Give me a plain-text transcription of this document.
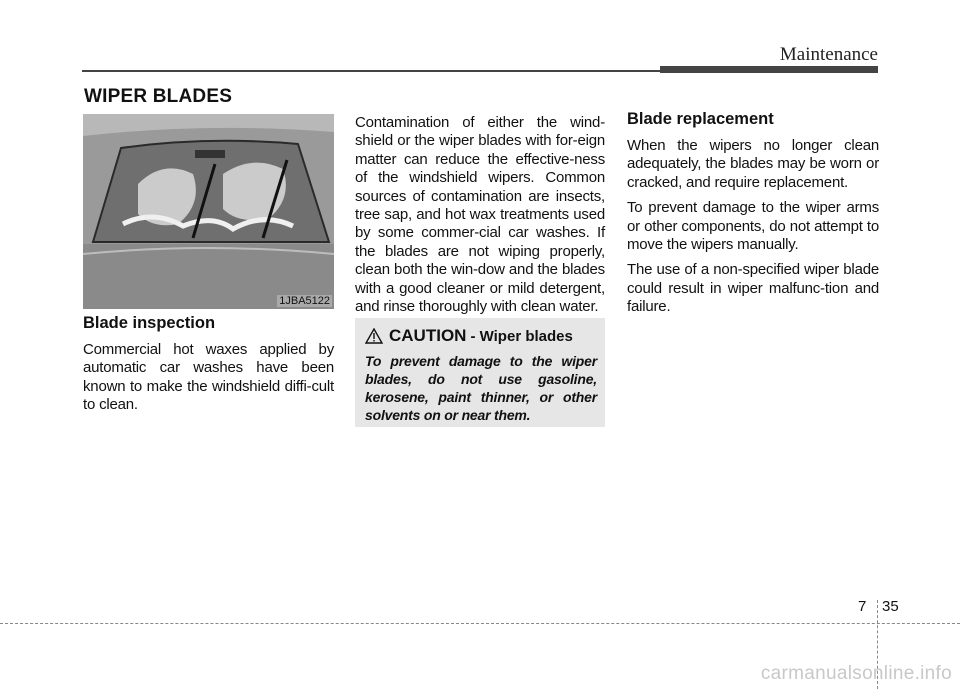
Maintenance
WIPER BLADES
1JBA5122
Blade inspection

Commercial hot waxes applied by automatic car washes have been known to make the windshield diffi-cult to clean.

Contamination of either the wind-shield or the wiper blades with for-eign matter can reduce the effective-ness of the windshield wipers. Common sources of contamination are insects, tree sap, and hot wax treatments used by some commer-cial car washes. If the blades are not wiping properly, clean both the win-dow and the blades with a good cleaner or mild detergent, and rinse thoroughly with clean water.

CAUTION - Wiper blades

To prevent damage to the wiper blades, do not use gasoline, kerosene, paint thinner, or other solvents on or near them.

Blade replacement

When the wipers no longer clean adequately, the blades may be worn or cracked, and require replacement.

To prevent damage to the wiper arms or other components, do not attempt to move the wipers manually.

The use of a non-specified wiper blade could result in wiper malfunc-tion and failure.

7 35
carmanualsonline.info
